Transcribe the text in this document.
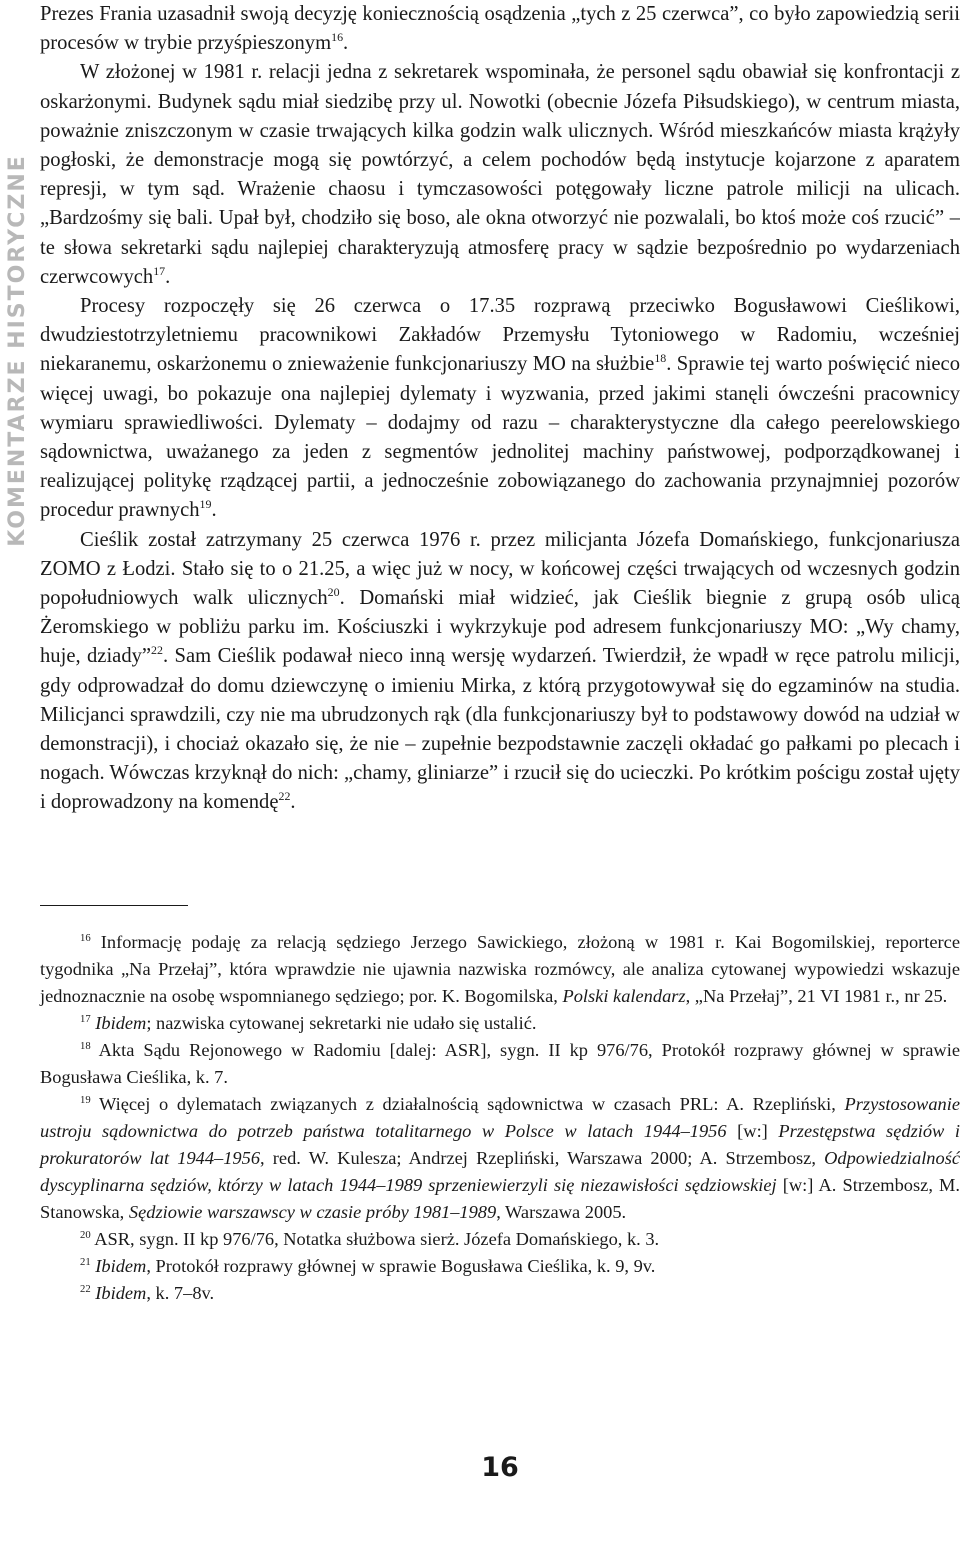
KOMENTARZE HISTORYCZNE

Prezes Frania uzasadnił swoją decyzję koniecznością osądzenia „tych z 25 czerwca”, co było zapowiedzią serii procesów w trybie przyśpieszonym$^{16}$.

W złożonej w 1981 r. relacji jedna z sekretarek wspominała, że personel sądu obawiał się konfrontacji z oskarżonymi. Budynek sądu miał siedzibę przy ul. Nowotki (obecnie Józefa Piłsudskiego), w centrum miasta, poważnie zniszczonym w czasie trwających kilka godzin walk ulicznych. Wśród mieszkańców miasta krążyły pogłoski, że demonstracje mogą się powtórzyć, a celem pochodów będą instytucje kojarzone z aparatem represji, w tym sąd. Wrażenie chaosu i tymczasowości potęgowały liczne patrole milicji na ulicach. „Bardzośmy się bali. Upał był, chodziło się boso, ale okna otworzyć nie pozwalali, bo ktoś może coś rzucić” – te słowa sekretarki sądu najlepiej charakteryzują atmosferę pracy w sądzie bezpośrednio po wydarzeniach czerwcowych$^{17}$.

Procesy rozpoczęły się 26 czerwca o 17.35 rozprawą przeciwko Bogusławowi Cieślikowi, dwudziestotrzyletniemu pracownikowi Zakładów Przemysłu Tytoniowego w Radomiu, wcześniej niekaranemu, oskarżonemu o znieważenie funkcjonariuszy MO na służbie$^{18}$. Sprawie tej warto poświęcić nieco więcej uwagi, bo pokazuje ona najlepiej dylematy i wyzwania, przed jakimi stanęli ówcześni pracownicy wymiaru sprawiedliwości. Dylematy – dodajmy od razu – charakterystyczne dla całego peerelowskiego sądownictwa, uważanego za jeden z segmentów jednolitej machiny państwowej, podporządkowanej i realizującej politykę rządzącej partii, a jednocześnie zobowiązanego do zachowania przynajmniej pozorów procedur prawnych$^{19}$.

Cieślik został zatrzymany 25 czerwca 1976 r. przez milicjanta Józefa Domańskiego, funkcjonariusza ZOMO z Łodzi. Stało się to o 21.25, a więc już w nocy, w końcowej części trwających od wczesnych godzin popołudniowych walk ulicznych$^{20}$. Domański miał widzieć, jak Cieślik biegnie z grupą osób ulicą Żeromskiego w pobliżu parku im. Kościuszki i wykrzykuje pod adresem funkcjonariuszy MO: „Wy chamy, huje, dziady”$^{22}$. Sam Cieślik podawał nieco inną wersję wydarzeń. Twierdził, że wpadł w ręce patrolu milicji, gdy odprowadzał do domu dziewczynę o imieniu Mirka, z którą przygotowywał się do egzaminów na studia. Milicjanci sprawdzili, czy nie ma ubrudzonych rąk (dla funkcjonariuszy był to podstawowy dowód na udział w demonstracji), i chociaż okazało się, że nie – zupełnie bezpodstawnie zaczęli okładać go pałkami po plecach i nogach. Wówczas krzyknął do nich: „chamy, gliniarze” i rzucił się do ucieczki. Po krótkim pościgu został ujęty i doprowadzony na komendę$^{22}$.

$^{16}$ Informację podaję za relacją sędziego Jerzego Sawickiego, złożoną w 1981 r. Kai Bogomilskiej, reporterce tygodnika „Na Przełaj”, która wprawdzie nie ujawnia nazwiska rozmówcy, ale analiza cytowanej wypowiedzi wskazuje jednoznacznie na osobę wspomnianego sędziego; por. K. Bogomilska, Polski kalendarz, „Na Przełaj”, 21 VI 1981 r., nr 25.

$^{17}$ Ibidem; nazwiska cytowanej sekretarki nie udało się ustalić.

$^{18}$ Akta Sądu Rejonowego w Radomiu [dalej: ASR], sygn. II kp 976/76, Protokół rozprawy głównej w sprawie Bogusława Cieślika, k. 7.

$^{19}$ Więcej o dylematach związanych z działalnością sądownictwa w czasach PRL: A. Rzepliński, Przystosowanie ustroju sądownictwa do potrzeb państwa totalitarnego w Polsce w latach 1944–1956 [w:] Przestępstwa sędziów i prokuratorów lat 1944–1956, red. W. Kulesza; Andrzej Rzepliński, Warszawa 2000; A. Strzembosz, Odpowiedzialność dyscyplinarna sędziów, którzy w latach 1944–1989 sprzeniewierzyli się niezawisłości sędziowskiej [w:] A. Strzembosz, M. Stanowska, Sędziowie warszawscy w czasie próby 1981–1989, Warszawa 2005.

$^{20}$ ASR, sygn. II kp 976/76, Notatka służbowa sierż. Józefa Domańskiego, k. 3.

$^{21}$ Ibidem, Protokół rozprawy głównej w sprawie Bogusława Cieślika, k. 9, 9v.

$^{22}$ Ibidem, k. 7–8v.

16
